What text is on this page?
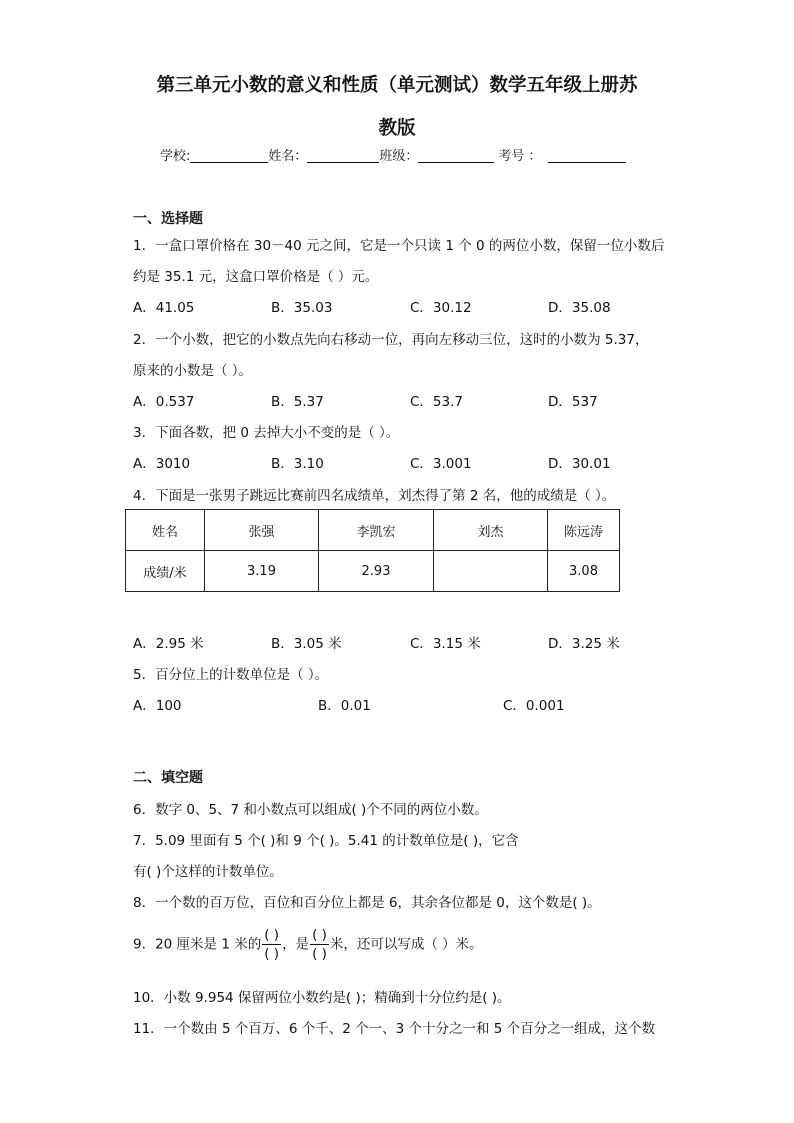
第三单元小数的意义和性质（单元测试）数学五年级上册苏
教版
学校:	姓名：	班级：	考号 ：
一、选择题
1．一盒口罩价格在 30－40 元之间，它是一个只读 1 个 0 的两位小数，保留一位小数后
约是 35.1 元，这盒口罩价格是（ ）元。
A．41.05	B．35.03	C．30.12	D．35.08
2．一个小数，把它的小数点先向右移动一位，再向左移动三位，这时的小数为 5.37，
原来的小数是（ ）。
A．0.537	B．5.37	C．53.7	D．537
3．下面各数，把 0 去掉大小不变的是（ ）。
A．3010	B．3.10	C．3.001	D．30.01
4．下面是一张男子跳远比赛前四名成绩单，刘杰得了第 2 名，他的成绩是（ ）。
姓名	张强	李凯宏	刘杰	陈远涛
成绩/米	3.19	2.93		3.08
A．2.95 米	B．3.05 米	C．3.15 米	D．3.25 米
5．百分位上的计数单位是（ ）。
A．100	B．0.01	C．0.001
二、填空题
6．数字 0、5、7 和小数点可以组成( )个不同的两位小数。
7．5.09 里面有 5 个( )和 9 个( )。5.41 的计数单位是( )，它含
有( )个这样的计数单位。
8．一个数的百万位，百位和百分位上都是 6，其余各位都是 0，这个数是( )。
9．20 厘米是 1 米的 $\frac{( )}{( )}$ ，是 $\frac{( )}{( )}$ 米，还可以写成（ ）米。
10．小数 9.954 保留两位小数约是( )；精确到十分位约是( )。
11．一个数由 5 个百万、6 个千、2 个一、3 个十分之一和 5 个百分之一组成，这个数
